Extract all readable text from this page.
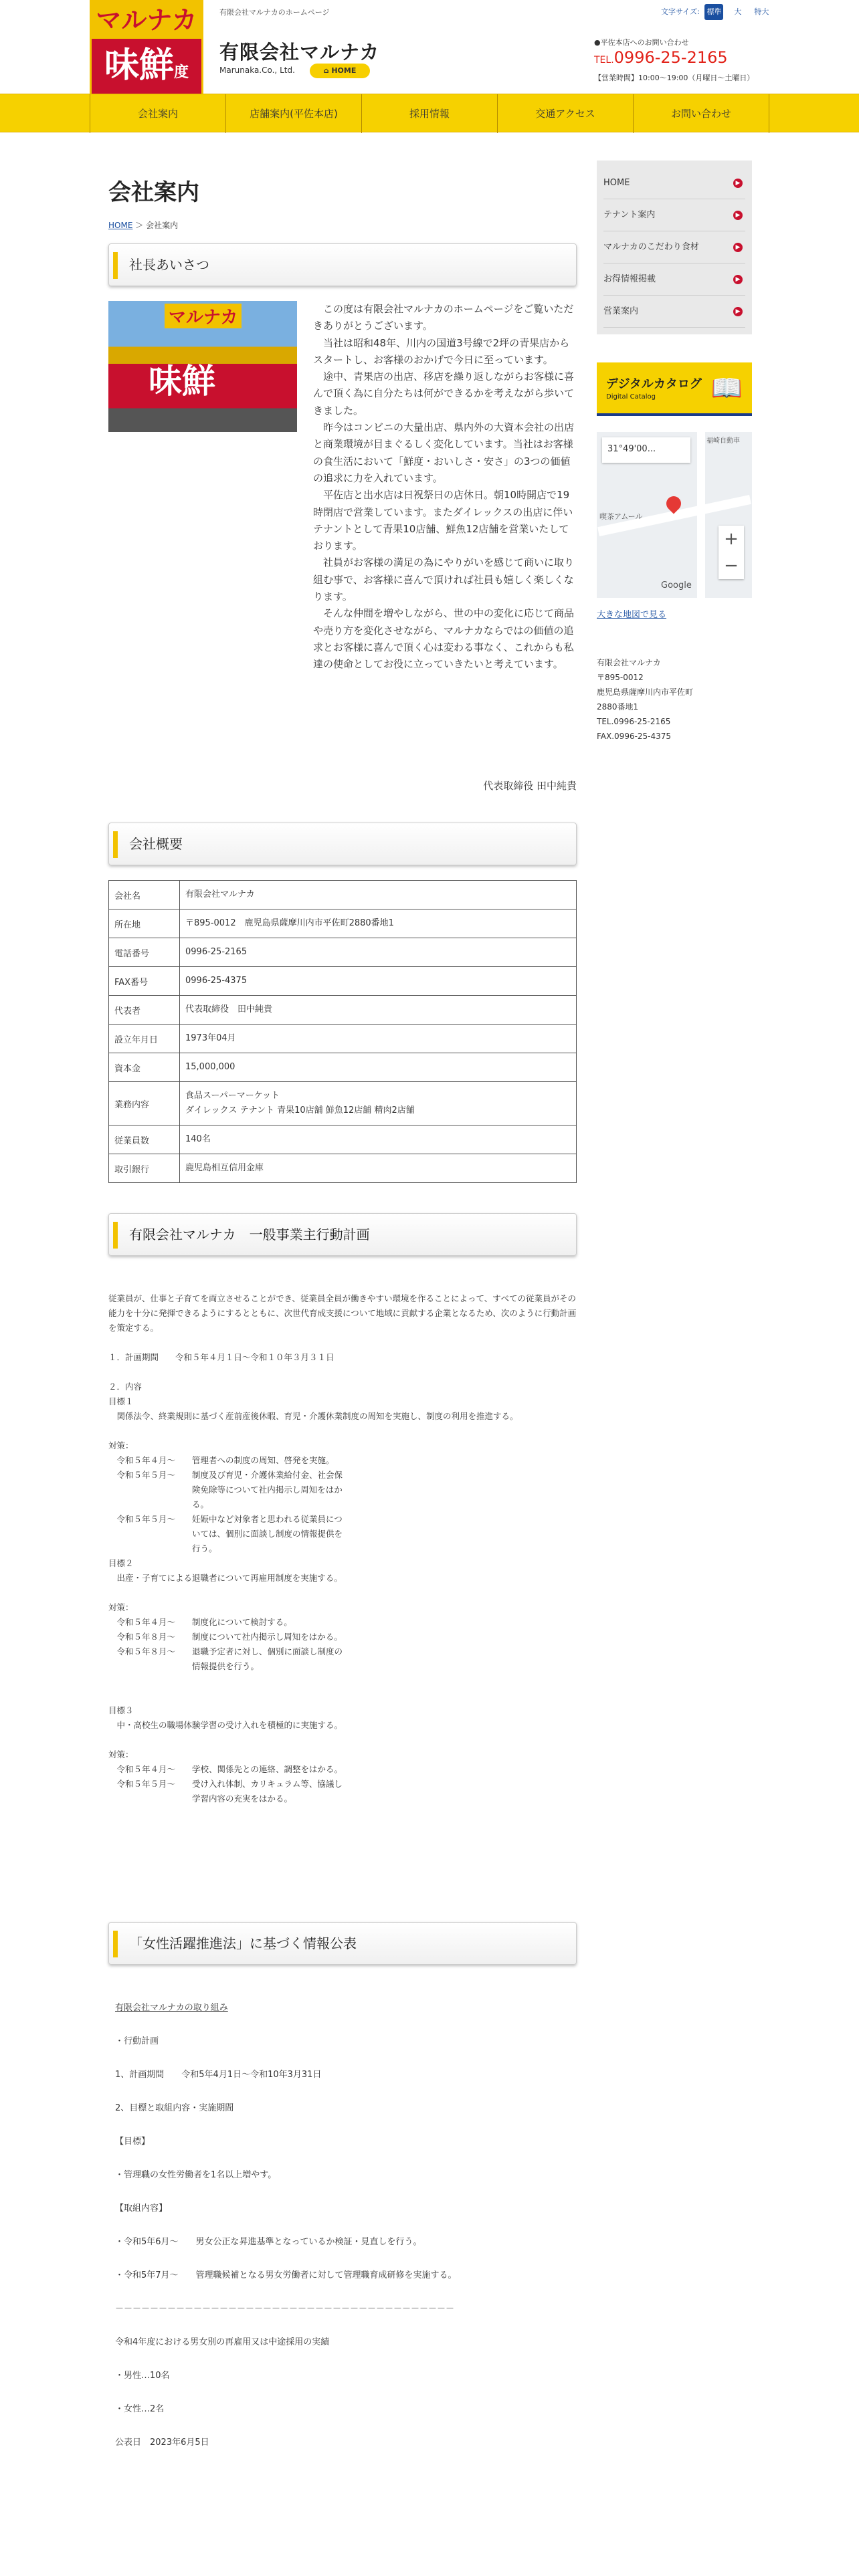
マルナカ
味鮮度
有限会社マルナカのホームページ
有限会社マルナカ
Marunaka.Co., Ltd.	⌂ HOME
文字サイズ: 標準 大 特大
●平佐本店へのお問い合わせ
TEL.0996-25-2165
【営業時間】10:00〜19:00（月曜日〜土曜日）
会社案内	店舗案内(平佐本店)	採用情報	交通アクセス	お問い合わせ
会社案内
HOME ＞ 会社案内
社長あいさつ
マルナカ
味鮮

この度は有限会社マルナカのホームページをご覧いただきありがとうございます。

当社は昭和48年、川内の国道3号線で2坪の青果店からスタートし、お客様のおかげで今日に至っています。

途中、青果店の出店、移店を繰り返しながらお客様に喜んで頂く為に自分たちは何ができるかを考えながら歩いてきました。

昨今はコンビニの大量出店、県内外の大資本会社の出店と商業環境が目まぐるしく変化しています。当社はお客様の食生活において「鮮度・おいしさ・安さ」の3つの価値の追求に力を入れています。

平佐店と出水店は日祝祭日の店休日。朝10時開店で19時閉店で営業しています。またダイレックスの出店に伴いテナントとして青果10店舗、鮮魚12店舗を営業いたしております。

社員がお客様の満足の為にやりがいを感じて商いに取り組む事で、お客様に喜んで頂ければ社員も嬉しく楽しくなります。

そんな仲間を増やしながら、世の中の変化に応じて商品や売り方を変化させながら、マルナカならではの価値の追求とお客様に喜んで頂く心は変わる事なく、これからも私達の使命としてお役に立っていきたいと考えています。

代表取締役 田中純貴
会社概要
会社名	有限会社マルナカ
所在地	〒895-0012　鹿児島県薩摩川内市平佐町2880番地1
電話番号	0996-25-2165
FAX番号	0996-25-4375
代表者	代表取締役　田中純貴
設立年月日	1973年04月
資本金	15,000,000
業務内容	食品スーパーマーケット
ダイレックス テナント 青果10店舗 鮮魚12店舗 精肉2店舗
従業員数	140名
取引銀行	鹿児島相互信用金庫
有限会社マルナカ　一般事業主行動計画
従業員が、仕事と子育てを両立させることができ、従業員全員が働きやすい環境を作ることによって、すべての従業員がその能力を十分に発揮できるようにするとともに、次世代育成支援について地域に貢献する企業となるため、次のように行動計画を策定する。

１．計画期間　　令和５年４月１日〜令和１０年３月３１日

２．内容
目標１
　関係法令、終業規則に基づく産前産後休暇、育児・介護休業制度の周知を実施し、制度の利用を推進する。

対策：
　令和５年４月〜　　管理者への制度の周知、啓発を実施。
　令和５年５月〜　　制度及び育児・介護休業給付金、社会保
　　　　　　　　　　険免除等について社内掲示し周知をはか
　　　　　　　　　　る。
　令和５年５月〜　　妊娠中など対象者と思われる従業員につ
　　　　　　　　　　いては、個別に面談し制度の情報提供を
　　　　　　　　　　行う。
目標２
　出産・子育てによる退職者について再雇用制度を実施する。

対策：
　令和５年４月〜　　制度化について検討する。
　令和５年８月〜　　制度について社内掲示し周知をはかる。
　令和５年８月〜　　退職予定者に対し、個別に面談し制度の
　　　　　　　　　　情報提供を行う。

目標３
　中・高校生の職場体験学習の受け入れを積極的に実施する。

対策：
　令和５年４月〜　　学校、関係先との連絡、調整をはかる。
　令和５年５月〜　　受け入れ体制、カリキュラム等、協議し
　　　　　　　　　　学習内容の充実をはかる。
「女性活躍推進法」に基づく情報公表
有限会社マルナカの取り組み
・行動計画
1、計画期間　　令和5年4月1日〜令和10年3月31日
2、目標と取組内容・実施期間
【目標】
・管理職の女性労働者を1名以上増やす。
【取組内容】
・令和5年6月〜　　男女公正な昇進基準となっているか検証・見直しを行う。
・令和5年7月〜　　管理職候補となる男女労働者に対して管理職育成研修を実施する。
－－－－－－－－－－－－－－－－－－－－－－－－－－－－－－－－－－－－－－－
令和4年度における男女別の再雇用又は中途採用の実績
・男性…10名
・女性…2名
公表日　2023年6月5日
HOME	▶
テナント案内	▶
マルナカのこだわり食材	▶
お得情報掲載	▶
営業案内	▶
デジタルカタログ
Digital Catalog 📖
31°49'00...
福崎自動車
喫茶アムール
+
−
Google
大きな地図で見る
有限会社マルナカ
〒895-0012
鹿児島県薩摩川内市平佐町
2880番地1
TEL.0996-25-2165
FAX.0996-25-4375
